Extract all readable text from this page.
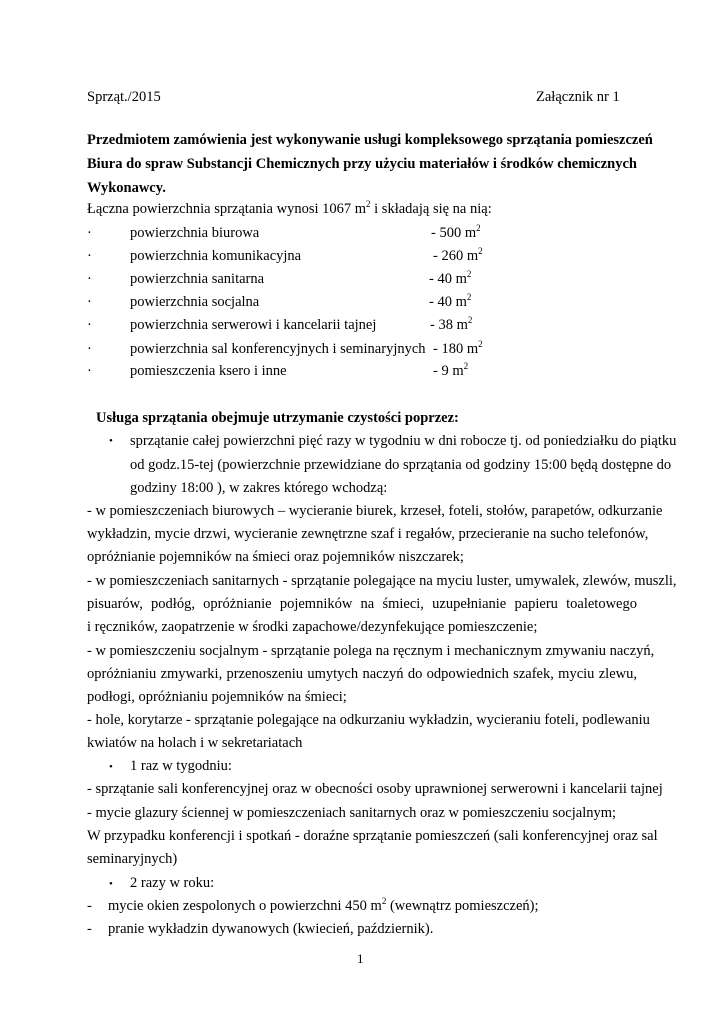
Sprząt./2015	Załącznik nr 1
Przedmiotem zamówienia jest wykonywanie usługi kompleksowego sprzątania pomieszczeń
Biura do spraw Substancji Chemicznych przy użyciu materiałów i środków chemicznych
Wykonawcy.
Łączna powierzchnia sprzątania wynosi 1067 $m^2$ i składają się na nią:
·	powierzchnia biurowa	- 500 $m^2$
·	powierzchnia komunikacyjna	- 260 $m^2$
·	powierzchnia sanitarna	- 40 $m^2$
·	powierzchnia socjalna	- 40 $m^2$
·	powierzchnia serwerowi i kancelarii tajnej	- 38 $m^2$
·	powierzchnia sal konferencyjnych i seminaryjnych - 180 $m^2$
·	pomieszczenia ksero i inne	- 9 $m^2$
Usługa sprzątania obejmuje utrzymanie czystości poprzez:
• sprzątanie całej powierzchni pięć razy w tygodniu w dni robocze tj. od poniedziałku do piątku
od godz.15-tej (powierzchnie przewidziane do sprzątania od godziny 15:00 będą dostępne do
godziny 18:00 ), w zakres którego wchodzą:
- w pomieszczeniach biurowych – wycieranie biurek, krzeseł, foteli, stołów, parapetów, odkurzanie
wykładzin, mycie drzwi, wycieranie zewnętrzne szaf i regałów, przecieranie na sucho telefonów,
opróżnianie pojemników na śmieci oraz pojemników niszczarek;
- w pomieszczeniach sanitarnych - sprzątanie polegające na myciu luster, umywalek, zlewów, muszli,
pisuarów, podłóg, opróżnianie pojemników na śmieci, uzupełnianie papieru toaletowego
i ręczników, zaopatrzenie w środki zapachowe/dezynfekujące pomieszczenie;
- w pomieszczeniu socjalnym - sprzątanie polega na ręcznym i mechanicznym zmywaniu naczyń,
opróżnianiu zmywarki, przenoszeniu umytych naczyń do odpowiednich szafek, myciu zlewu,
podłogi, opróżnianiu pojemników na śmieci;
- hole, korytarze - sprzątanie polegające na odkurzaniu wykładzin, wycieraniu foteli, podlewaniu
kwiatów na holach i w sekretariatach
• 1 raz w tygodniu:
- sprzątanie sali konferencyjnej oraz w obecności osoby uprawnionej serwerowni i kancelarii tajnej
- mycie glazury ściennej w pomieszczeniach sanitarnych oraz w pomieszczeniu socjalnym;
W przypadku konferencji i spotkań - doraźne sprzątanie pomieszczeń (sali konferencyjnej oraz sal
seminaryjnych)
• 2 razy w roku:
- mycie okien zespolonych o powierzchni 450 $m^2$ (wewnątrz pomieszczeń);
- pranie wykładzin dywanowych (kwiecień, październik).
1
